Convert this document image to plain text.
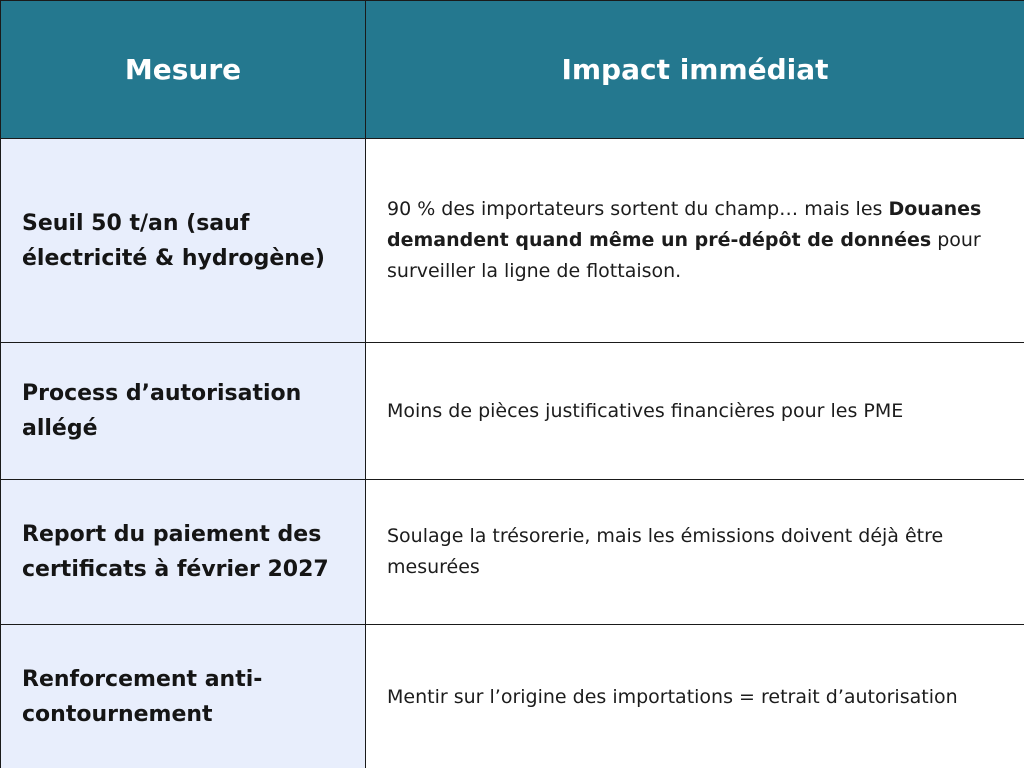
Mesure	Impact immédiat
Seuil 50 t/an (sauf électricité & hydrogène)	90 % des importateurs sortent du champ… mais les Douanes demandent quand même un pré-dépôt de données pour surveiller la ligne de flottaison.
Process d’autorisation allégé	Moins de pièces justificatives financières pour les PME
Report du paiement des certificats à février 2027	Soulage la trésorerie, mais les émissions doivent déjà être mesurées
Renforcement anti-contournement	Mentir sur l’origine des importations = retrait d’autorisation
